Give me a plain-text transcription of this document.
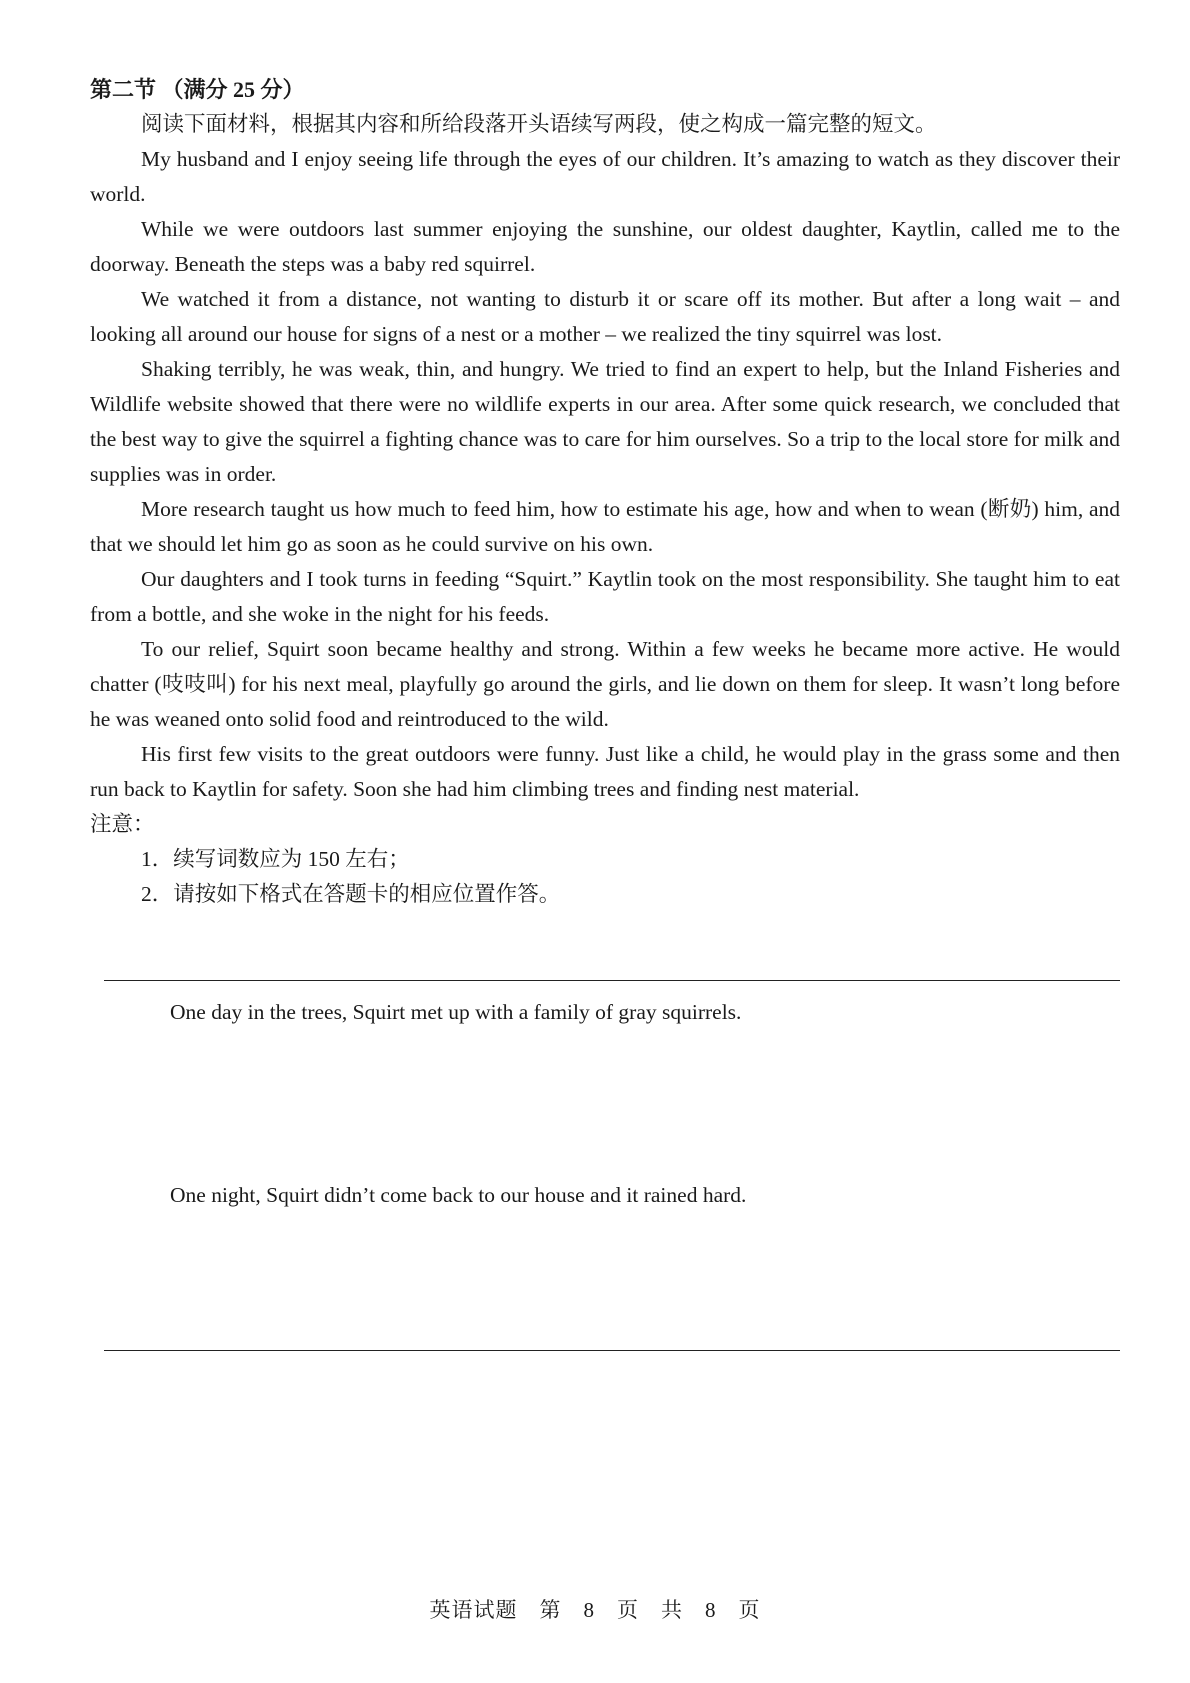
第二节 （满分 25 分）

阅读下面材料，根据其内容和所给段落开头语续写两段，使之构成一篇完整的短文。

My husband and I enjoy seeing life through the eyes of our children. It’s amazing to watch as they discover their world.

While we were outdoors last summer enjoying the sunshine, our oldest daughter, Kaytlin, called me to the doorway. Beneath the steps was a baby red squirrel.

We watched it from a distance, not wanting to disturb it or scare off its mother. But after a long wait – and looking all around our house for signs of a nest or a mother – we realized the tiny squirrel was lost.

Shaking terribly, he was weak, thin, and hungry. We tried to find an expert to help, but the Inland Fisheries and Wildlife website showed that there were no wildlife experts in our area. After some quick research, we concluded that the best way to give the squirrel a fighting chance was to care for him ourselves. So a trip to the local store for milk and supplies was in order.

More research taught us how much to feed him, how to estimate his age, how and when to wean (断奶) him, and that we should let him go as soon as he could survive on his own.

Our daughters and I took turns in feeding “Squirt.” Kaytlin took on the most responsibility. She taught him to eat from a bottle, and she woke in the night for his feeds.

To our relief, Squirt soon became healthy and strong. Within a few weeks he became more active. He would chatter (吱吱叫) for his next meal, playfully go around the girls, and lie down on them for sleep. It wasn’t long before he was weaned onto solid food and reintroduced to the wild.

His first few visits to the great outdoors were funny. Just like a child, he would play in the grass some and then run back to Kaytlin for safety. Soon she had him climbing trees and finding nest material.

注意：

1．续写词数应为 150 左右；

2．请按如下格式在答题卡的相应位置作答。

One day in the trees, Squirt met up with a family of gray squirrels.

One night, Squirt didn’t come back to our house and it rained hard.

英语试题　第　8　页　共　8　页
